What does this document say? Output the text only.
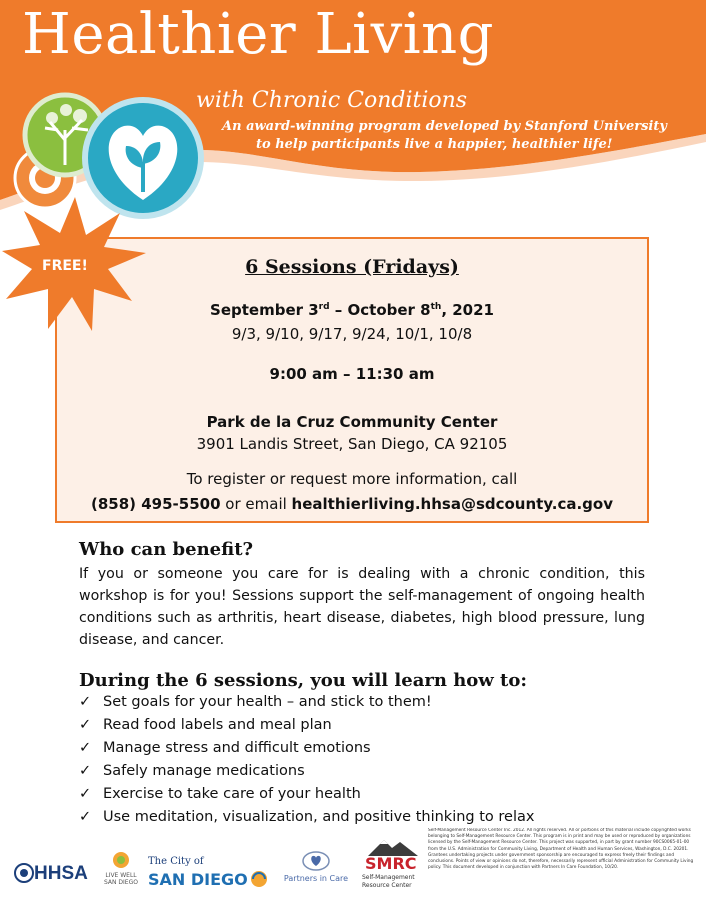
Healthier Living
with Chronic Conditions
An award-winning program developed by Stanford University
to help participants live a happier, healthier life!
6 Sessions (Fridays)
September 3rd – October 8th, 2021
9/3, 9/10, 9/17, 9/24, 10/1, 10/8
9:00 am – 11:30 am
Park de la Cruz Community Center
3901 Landis Street, San Diego, CA 92105
To register or request more information, call
(858) 495-5500 or email healthierliving.hhsa@sdcounty.ca.gov
FREE!
Who can benefit?
If you or someone you care for is dealing with a chronic condition, this workshop is for you! Sessions support the self-management of ongoing health conditions such as arthritis, heart disease, diabetes, high blood pressure, lung disease, and cancer.
During the 6 sessions, you will learn how to:
✓ Set goals for your health – and stick to them!
✓ Read food labels and meal plan
✓ Manage stress and difficult emotions
✓ Safely manage medications
✓ Exercise to take care of your health
✓ Use meditation, visualization, and positive thinking to relax
HHSA	LIVE WELL SAN DIEGO
The City of
SAN DIEGO	Partners in Care
SMRC
Self-Management Resource Center
Self-Management Resource Center Inc. 2012. All rights reserved. All or portions of this material include copyrighted works belonging to Self-Management Resource Center. This program is in print and may be used or reproduced by organizations licensed by the Self-Management Resource Center. This project was supported, in part by grant number 90CS0065-01-00 from the U.S. Administration for Community Living, Department of Health and Human Services, Washington, D.C. 20201. Grantees undertaking projects under government sponsorship are encouraged to express freely their findings and conclusions. Points of view or opinions do not, therefore, necessarily represent official Administration for Community Living policy. This document developed in conjunction with Partners In Care Foundation, 10/20.
